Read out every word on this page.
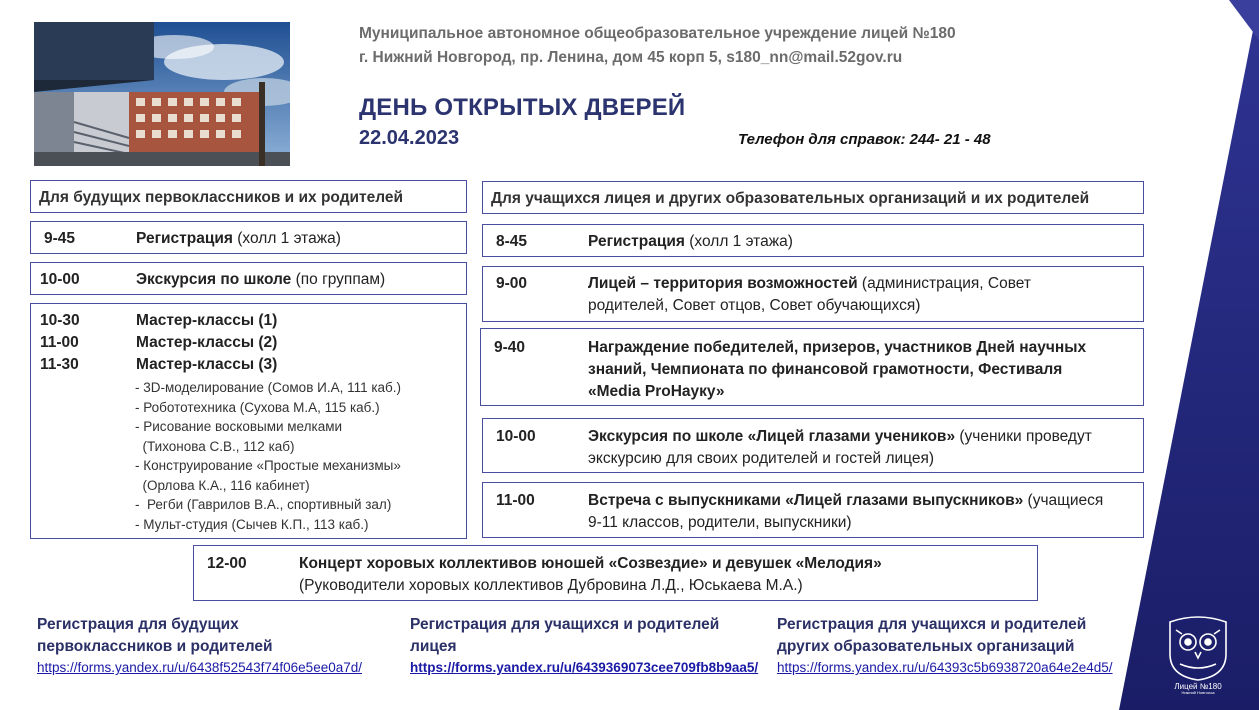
Муниципальное автономное общеобразовательное учреждение лицей №180
г. Нижний Новгород, пр. Ленина, дом 45 корп 5, s180_nn@mail.52gov.ru
ДЕНЬ ОТКРЫТЫХ ДВЕРЕЙ
22.04.2023	Телефон для справок: 244- 21 - 48
Для будущих первоклассников и их родителей
9-45	Регистрация (холл 1 этажа)
10-00	Экскурсия по школе (по группам)
10-30	Мастер-классы (1)
11-00	Мастер-классы (2)
11-30	Мастер-классы (3)
- 3D-моделирование (Сомов И.А, 111 каб.)
- Робототехника (Сухова М.А, 115 каб.)
- Рисование восковыми мелками
(Тихонова С.В., 112 каб)
- Конструирование «Простые механизмы»
(Орлова К.А., 116 кабинет)
-  Регби (Гаврилов В.А., спортивный зал)
- Мульт-студия (Сычев К.П., 113 каб.)
Для учащихся лицея и других образовательных организаций и их родителей
8-45	Регистрация (холл 1 этажа)
9-00	Лицей – территория возможностей (администрация, Совет
родителей, Совет отцов, Совет обучающихся)
9-40	Награждение победителей, призеров, участников Дней научных
знаний, Чемпионата по финансовой грамотности, Фестиваля
«Media ProНауку»
10-00	Экскурсия по школе «Лицей глазами учеников» (ученики проведут
экскурсию для своих родителей и гостей лицея)
11-00	Встреча с выпускниками «Лицей глазами выпускников» (учащиеся
9-11 классов, родители, выпускники)
12-00	Концерт хоровых коллективов юношей «Созвездие» и девушек «Мелодия»
(Руководители хоровых коллективов Дубровина Л.Д., Юськаева М.А.)
Регистрация для будущих
первоклассников и родителей
https://forms.yandex.ru/u/6438f52543f74f06e5ee0a7d/
Регистрация для учащихся и родителей
лицея
https://forms.yandex.ru/u/6439369073cee709fb8b9aa5/
Регистрация для учащихся и родителей
других образовательных организаций
https://forms.yandex.ru/u/64393c5b6938720a64e2e4d5/
Лицей №180
Нижний Новгород
